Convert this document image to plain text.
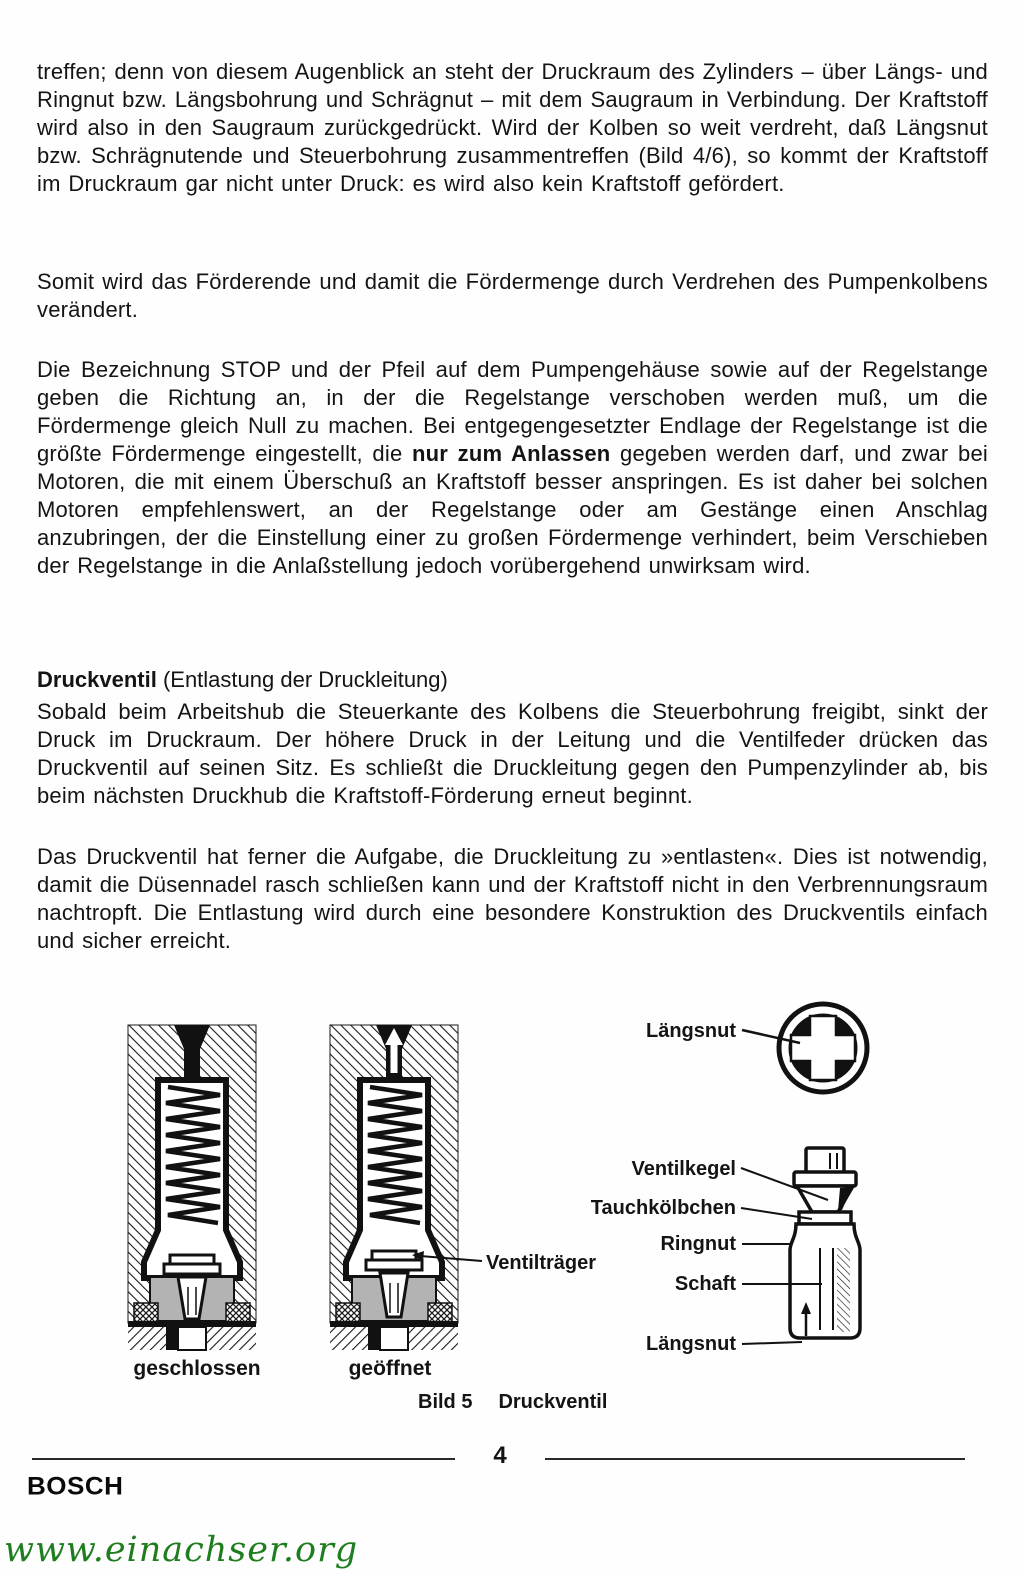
treffen; denn von diesem Augenblick an steht der Druckraum des Zylinders – über Längs- und Ringnut bzw. Längsbohrung und Schrägnut – mit dem Saugraum in Verbindung. Der Kraftstoff wird also in den Saugraum zurückgedrückt. Wird der Kolben so weit verdreht, daß Längsnut bzw. Schrägnutende und Steuerbohrung zusammentreffen (Bild 4/6), so kommt der Kraftstoff im Druckraum gar nicht unter Druck: es wird also kein Kraftstoff gefördert.

Somit wird das Förderende und damit die Fördermenge durch Verdrehen des Pumpenkolbens verändert.

Die Bezeichnung STOP und der Pfeil auf dem Pumpengehäuse sowie auf der Regelstange geben die Richtung an, in der die Regelstange verschoben werden muß, um die Fördermenge gleich Null zu machen. Bei entgegengesetzter Endlage der Regelstange ist die größte Fördermenge eingestellt, die nur zum Anlassen gegeben werden darf, und zwar bei Motoren, die mit einem Überschuß an Kraftstoff besser anspringen. Es ist daher bei solchen Motoren empfehlenswert, an der Regelstange oder am Gestänge einen Anschlag anzubringen, der die Einstellung einer zu großen Fördermenge verhindert, beim Verschieben der Regelstange in die Anlaßstellung jedoch vorübergehend unwirksam wird.

Druckventil (Entlastung der Druckleitung)

Sobald beim Arbeitshub die Steuerkante des Kolbens die Steuerbohrung freigibt, sinkt der Druck im Druckraum. Der höhere Druck in der Leitung und die Ventilfeder drücken das Druckventil auf seinen Sitz. Es schließt die Druckleitung gegen den Pumpenzylinder ab, bis beim nächsten Druckhub die Kraftstoff-Förderung erneut beginnt.

Das Druckventil hat ferner die Aufgabe, die Druckleitung zu »entlasten«. Dies ist notwendig, damit die Düsennadel rasch schließen kann und der Kraftstoff nicht in den Verbrennungsraum nachtropft. Die Entlastung wird durch eine besondere Konstruktion des Druckventils einfach und sicher erreicht.

geschlossen	geöffnet
Ventilträger
Längsnut
Ventilkegel
Tauchkölbchen
Ringnut
Schaft
Längsnut
Bild 5 Druckventil
4
BOSCH
www.einachser.org
